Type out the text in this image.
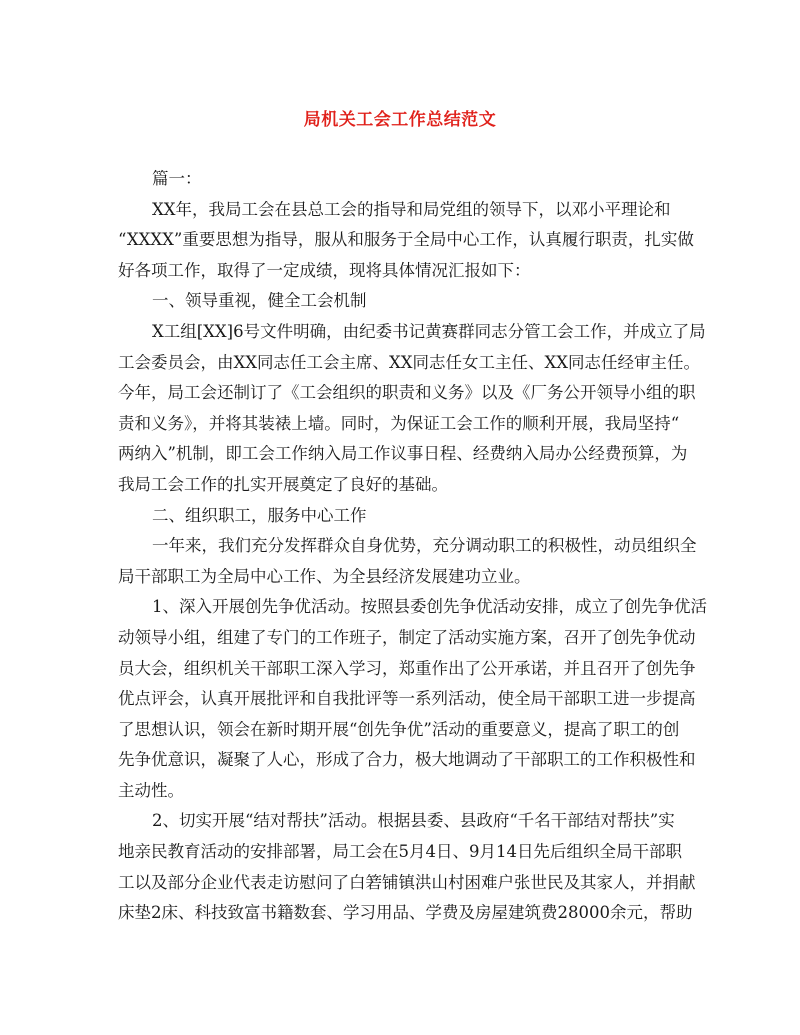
局机关工会工作总结范文
篇一：
XX年，我局工会在县总工会的指导和局党组的领导下，以邓小平理论和
“XXXX”重要思想为指导，服从和服务于全局中心工作，认真履行职责，扎实做
好各项工作，取得了一定成绩，现将具体情况汇报如下：
一、领导重视，健全工会机制
X工组[XX]6号文件明确，由纪委书记黄赛群同志分管工会工作，并成立了局
工会委员会，由XX同志任工会主席、XX同志任女工主任、XX同志任经审主任。
今年，局工会还制订了《工会组织的职责和义务》以及《厂务公开领导小组的职
责和义务》，并将其装裱上墙。同时，为保证工会工作的顺利开展，我局坚持“
两纳入”机制，即工会工作纳入局工作议事日程、经费纳入局办公经费预算，为
我局工会工作的扎实开展奠定了良好的基础。
二、组织职工，服务中心工作
一年来，我们充分发挥群众自身优势，充分调动职工的积极性，动员组织全
局干部职工为全局中心工作、为全县经济发展建功立业。
1、深入开展创先争优活动。按照县委创先争优活动安排，成立了创先争优活
动领导小组，组建了专门的工作班子，制定了活动实施方案，召开了创先争优动
员大会，组织机关干部职工深入学习，郑重作出了公开承诺，并且召开了创先争
优点评会，认真开展批评和自我批评等一系列活动，使全局干部职工进一步提高
了思想认识，领会在新时期开展“创先争优”活动的重要意义，提高了职工的创
先争优意识，凝聚了人心，形成了合力，极大地调动了干部职工的工作积极性和
主动性。
2、切实开展“结对帮扶”活动。根据县委、县政府“千名干部结对帮扶”实
地亲民教育活动的安排部署，局工会在5月4日、9月14日先后组织全局干部职
工以及部分企业代表走访慰问了白箬铺镇洪山村困难户张世民及其家人，并捐献
床垫2床、科技致富书籍数套、学习用品、学费及房屋建筑费28000余元，帮助
